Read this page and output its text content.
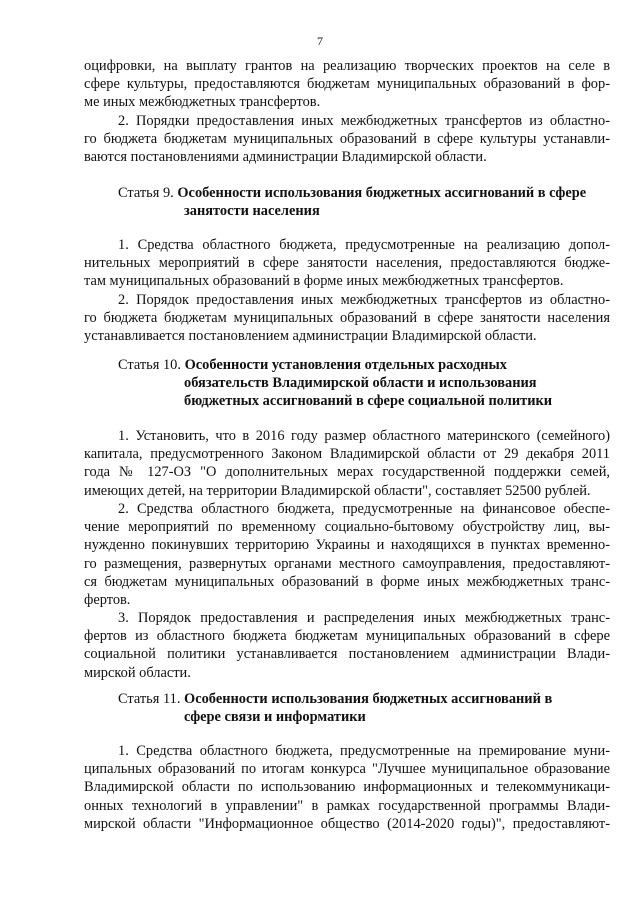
7
оцифровки, на выплату грантов на реализацию творческих проектов на селе в
сфере культуры, предоставляются бюджетам муниципальных образований в фор-
ме иных межбюджетных трансфертов.
2. Порядки предоставления иных межбюджетных трансфертов из областно-
го бюджета бюджетам муниципальных образований в сфере культуры устанавли-
ваются постановлениями администрации Владимирской области.
Статья 9. Особенности использования бюджетных ассигнований в сфере
занятости населения
1. Средства областного бюджета, предусмотренные на реализацию допол-
нительных мероприятий в сфере занятости населения, предоставляются бюдже-
там муниципальных образований в форме иных межбюджетных трансфертов.
2. Порядок предоставления иных межбюджетных трансфертов из областно-
го бюджета бюджетам муниципальных образований в сфере занятости населения
устанавливается постановлением администрации Владимирской области.
Статья 10. Особенности установления отдельных расходных
обязательств Владимирской области и использования
бюджетных ассигнований в сфере социальной политики
1. Установить, что в 2016 году размер областного материнского (семейного)
капитала, предусмотренного Законом Владимирской области от 29 декабря 2011
года № 127-ОЗ "О дополнительных мерах государственной поддержки семей,
имеющих детей, на территории Владимирской области", составляет 52500 рублей.
2. Средства областного бюджета, предусмотренные на финансовое обеспе-
чение мероприятий по временному социально-бытовому обустройству лиц, вы-
нужденно покинувших территорию Украины и находящихся в пунктах временно-
го размещения, развернутых органами местного самоуправления, предоставляют-
ся бюджетам муниципальных образований в форме иных межбюджетных транс-
фертов.
3. Порядок предоставления и распределения иных межбюджетных транс-
фертов из областного бюджета бюджетам муниципальных образований в сфере
социальной политики устанавливается постановлением администрации Влади-
мирской области.
Статья 11. Особенности использования бюджетных ассигнований в
сфере связи и информатики
1. Средства областного бюджета, предусмотренные на премирование муни-
ципальных образований по итогам конкурса "Лучшее муниципальное образование
Владимирской области по использованию информационных и телекоммуникаци-
онных технологий в управлении" в рамках государственной программы Влади-
мирской области "Информационное общество (2014-2020 годы)", предоставляют-
